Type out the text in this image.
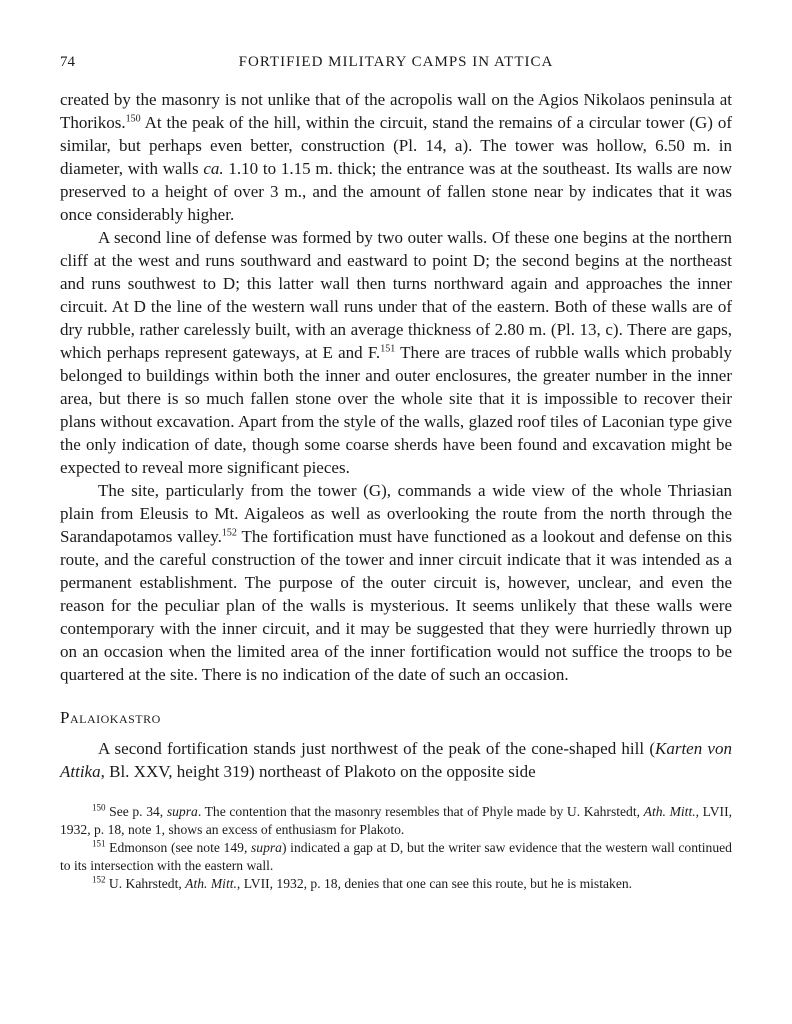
74	FORTIFIED MILITARY CAMPS IN ATTICA

created by the masonry is not unlike that of the acropolis wall on the Agios Nikolaos peninsula at Thorikos.$^{150}$ At the peak of the hill, within the circuit, stand the remains of a circular tower (G) of similar, but perhaps even better, construction (Pl. 14, a). The tower was hollow, 6.50 m. in diameter, with walls ca. 1.10 to 1.15 m. thick; the entrance was at the southeast. Its walls are now preserved to a height of over 3 m., and the amount of fallen stone near by indicates that it was once considerably higher.

A second line of defense was formed by two outer walls. Of these one begins at the northern cliff at the west and runs southward and eastward to point D; the second begins at the northeast and runs southwest to D; this latter wall then turns northward again and approaches the inner circuit. At D the line of the western wall runs under that of the eastern. Both of these walls are of dry rubble, rather carelessly built, with an average thickness of 2.80 m. (Pl. 13, c). There are gaps, which perhaps represent gateways, at E and F.$^{151}$ There are traces of rubble walls which probably belonged to buildings within both the inner and outer enclosures, the greater number in the inner area, but there is so much fallen stone over the whole site that it is impossible to recover their plans without excavation. Apart from the style of the walls, glazed roof tiles of Laconian type give the only indication of date, though some coarse sherds have been found and excavation might be expected to reveal more significant pieces.

The site, particularly from the tower (G), commands a wide view of the whole Thriasian plain from Eleusis to Mt. Aigaleos as well as overlooking the route from the north through the Sarandapotamos valley.$^{152}$ The fortification must have functioned as a lookout and defense on this route, and the careful construction of the tower and inner circuit indicate that it was intended as a permanent establishment. The purpose of the outer circuit is, however, unclear, and even the reason for the peculiar plan of the walls is mysterious. It seems unlikely that these walls were contemporary with the inner circuit, and it may be suggested that they were hurriedly thrown up on an occasion when the limited area of the inner fortification would not suffice the troops to be quartered at the site. There is no indication of the date of such an occasion.

Palaiokastro

A second fortification stands just northwest of the peak of the cone-shaped hill (Karten von Attika, Bl. XXV, height 319) northeast of Plakoto on the opposite side

$^{150}$ See p. 34, supra. The contention that the masonry resembles that of Phyle made by U. Kahrstedt, Ath. Mitt., LVII, 1932, p. 18, note 1, shows an excess of enthusiasm for Plakoto.

$^{151}$ Edmonson (see note 149, supra) indicated a gap at D, but the writer saw evidence that the western wall continued to its intersection with the eastern wall.

$^{152}$ U. Kahrstedt, Ath. Mitt., LVII, 1932, p. 18, denies that one can see this route, but he is mistaken.
